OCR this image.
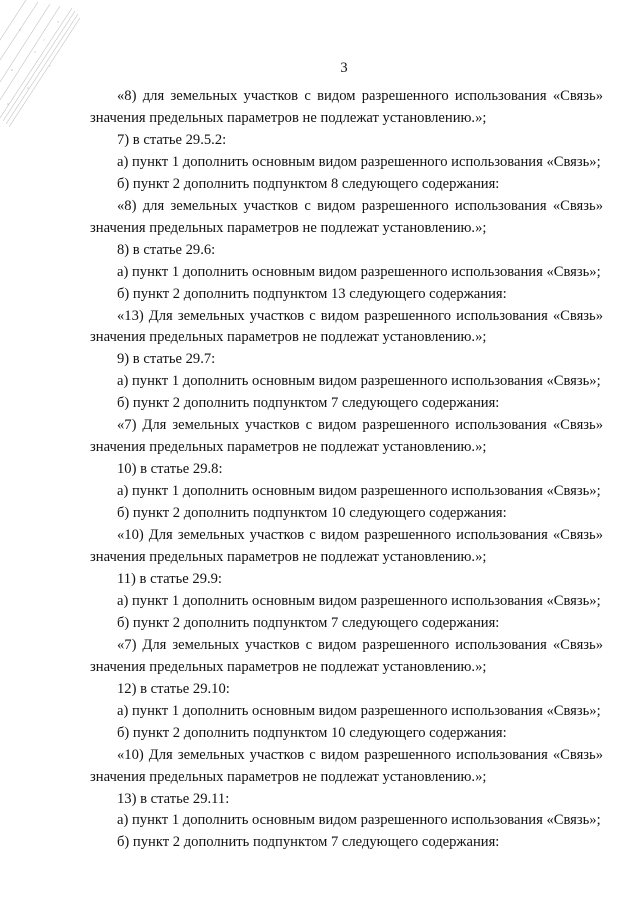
3

«8) для земельных участков с видом разрешенного использования «Связь» значения предельных параметров не подлежат установлению.»;

7) в статье 29.5.2:

а) пункт 1 дополнить основным видом разрешенного использования «Связь»;

б) пункт 2 дополнить подпунктом 8 следующего содержания:

«8) для земельных участков с видом разрешенного использования «Связь» значения предельных параметров не подлежат установлению.»;

8) в статье 29.6:

а) пункт 1 дополнить основным видом разрешенного использования «Связь»;

б) пункт 2 дополнить подпунктом 13 следующего содержания:

«13) Для земельных участков с видом разрешенного использования «Связь» значения предельных параметров не подлежат установлению.»;

9) в статье 29.7:

а) пункт 1 дополнить основным видом разрешенного использования «Связь»;

б) пункт 2 дополнить подпунктом 7 следующего содержания:

«7) Для земельных участков с видом разрешенного использования «Связь» значения предельных параметров не подлежат установлению.»;

10) в статье 29.8:

а) пункт 1 дополнить основным видом разрешенного использования «Связь»;

б) пункт 2 дополнить подпунктом 10 следующего содержания:

«10) Для земельных участков с видом разрешенного использования «Связь» значения предельных параметров не подлежат установлению.»;

11) в статье 29.9:

а) пункт 1 дополнить основным видом разрешенного использования «Связь»;

б) пункт 2 дополнить подпунктом 7 следующего содержания:

«7) Для земельных участков с видом разрешенного использования «Связь» значения предельных параметров не подлежат установлению.»;

12) в статье 29.10:

а) пункт 1 дополнить основным видом разрешенного использования «Связь»;

б) пункт 2 дополнить подпунктом 10 следующего содержания:

«10) Для земельных участков с видом разрешенного использования «Связь» значения предельных параметров не подлежат установлению.»;

13) в статье 29.11:

а) пункт 1 дополнить основным видом разрешенного использования «Связь»;

б) пункт 2 дополнить подпунктом 7 следующего содержания:
